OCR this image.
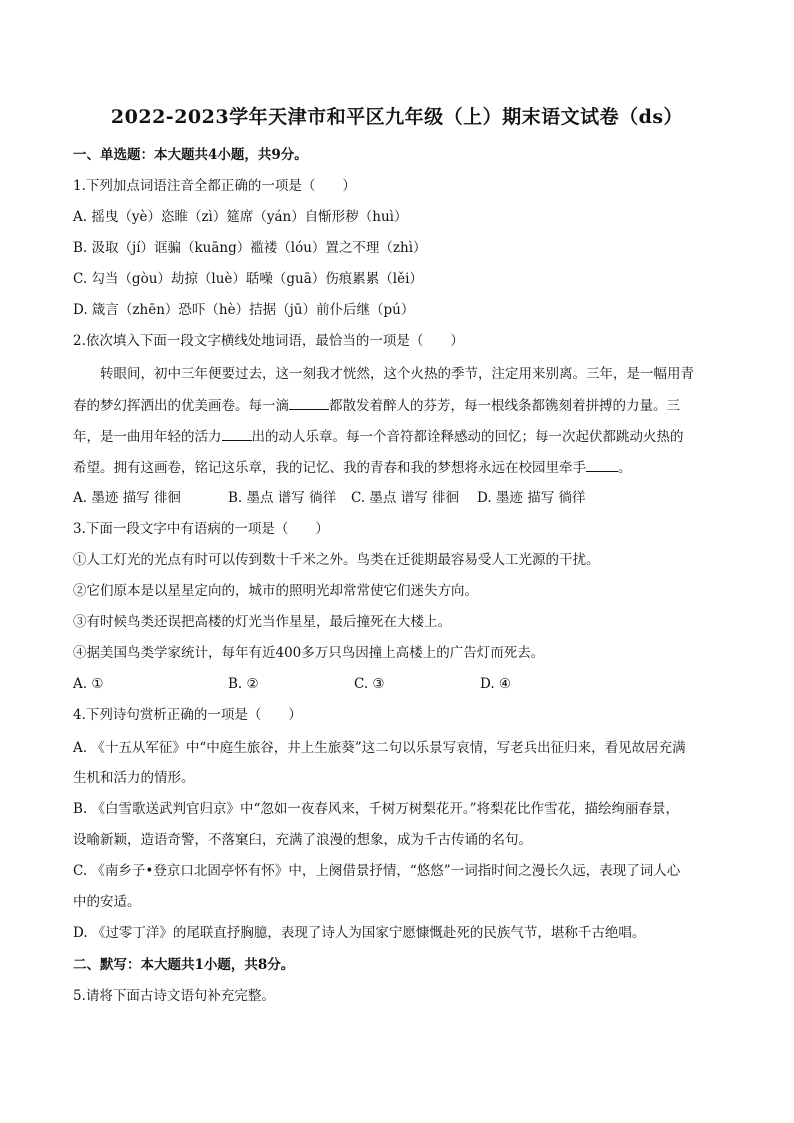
2022-2023学年天津市和平区九年级（上）期末语文试卷（ds）
一、单选题：本大题共4小题，共9分。
1.下列加点词语注音全都正确的一项是（　　）
A. 摇曳（yè）恣睢（zì）筵席（yán）自惭形秽（huì）
B. 汲取（jí）诓骗（kuāng）褴褛（lóu）置之不理（zhì）
C. 勾当（gòu）劫掠（luè）聒噪（guā）伤痕累累（lěi）
D. 箴言（zhēn）恐吓（hè）拮据（jū）前仆后继（pú）
2.依次填入下面一段文字横线处地词语，最恰当的一项是（　　）
转眼间，初中三年便要过去，这一刻我才恍然，这个火热的季节，注定用来别离。三年，是一幅用青
春的梦幻挥洒出的优美画卷。每一滴	都散发着醉人的芬芳，每一根线条都镌刻着拼搏的力量。三
年，是一曲用年轻的活力 出的动人乐章。每一个音符都诠释感动的回忆；每一次起伏都跳动火热的
希望。拥有这画卷，铭记这乐章，我的记忆、我的青春和我的梦想将永远在校园里牵手 。
A. 墨迹 描写 徘徊	B. 墨点 谱写 徜徉 C. 墨点 谱写 徘徊 D. 墨迹 描写 徜徉
3.下面一段文字中有语病的一项是（　　）
①人工灯光的光点有时可以传到数十千米之外。鸟类在迁徙期最容易受人工光源的干扰。
②它们原本是以星星定向的，城市的照明光却常常使它们迷失方向。
③有时候鸟类还误把高楼的灯光当作星星，最后撞死在大楼上。
④据美国鸟类学家统计，每年有近400多万只鸟因撞上高楼上的广告灯而死去。
A. ①	B. ②	C. ③	D. ④
4.下列诗句赏析正确的一项是（　　）
A. 《十五从军征》中“中庭生旅谷，井上生旅葵”这二句以乐景写哀情，写老兵出征归来，看见故居充满
生机和活力的情形。
B. 《白雪歌送武判官归京》中“忽如一夜春风来，千树万树梨花开。”将梨花比作雪花，描绘绚丽春景，
设喻新颖，造语奇警，不落窠臼，充满了浪漫的想象，成为千古传诵的名句。
C. 《南乡子•登京口北固亭怀有怀》中，上阕借景抒情，“悠悠”一词指时间之漫长久远，表现了词人心
中的安适。
D. 《过零丁洋》的尾联直抒胸臆，表现了诗人为国家宁愿慷慨赴死的民族气节，堪称千古绝唱。
二、默写：本大题共1小题，共8分。
5.请将下面古诗文语句补充完整。
